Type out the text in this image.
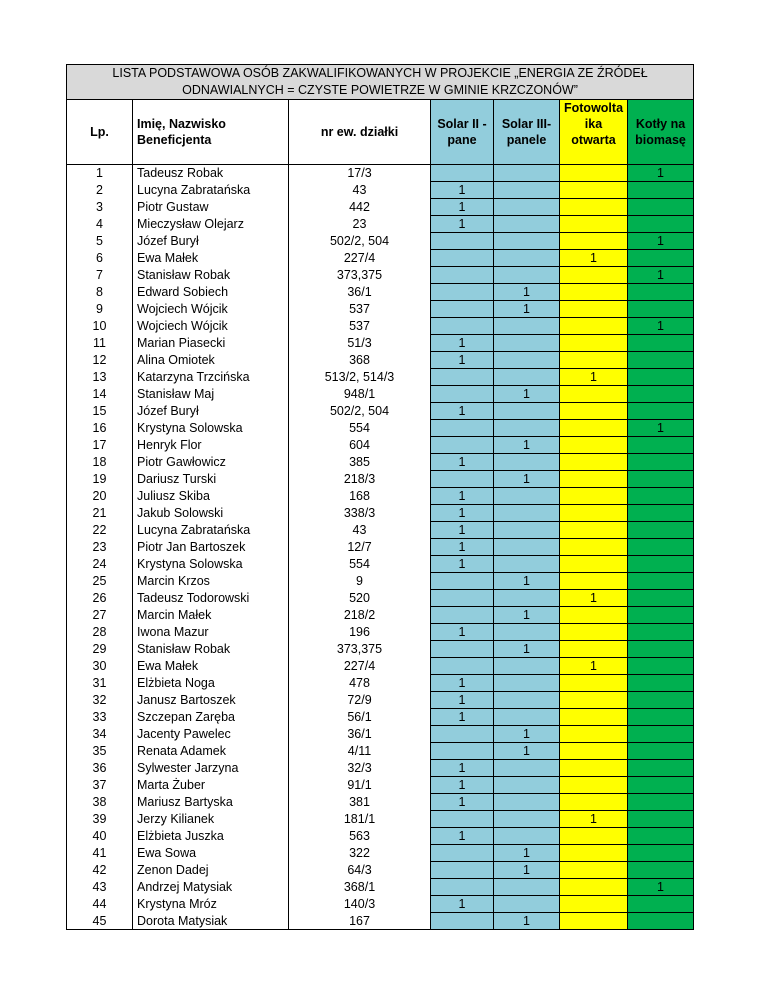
LISTA PODSTAWOWA OSÓB ZAKWALIFIKOWANYCH W PROJEKCIE „ENERGIA ZE ŹRÓDEŁ ODNAWIALNYCH = CZYSTE POWIETRZE W GMINIE KRZCZONÓW”						
Lp.	Imię, Nazwisko Beneficjenta	nr ew. działki	Solar II - pane	Solar III- panele	Fotowolta ika otwarta	Kotły na biomasę
1	Tadeusz Robak	17/3				1
2	Lucyna Zabratańska	43	1			
3	Piotr Gustaw	442	1			
4	Mieczysław Olejarz	23	1			
5	Józef Burył	502/2, 504				1
6	Ewa Małek	227/4			1	
7	Stanisław Robak	373,375				1
8	Edward Sobiech	36/1		1		
9	Wojciech Wójcik	537		1		
10	Wojciech Wójcik	537				1
11	Marian Piasecki	51/3	1			
12	Alina Omiotek	368	1			
13	Katarzyna Trzcińska	513/2, 514/3			1	
14	Stanisław Maj	948/1		1		
15	Józef Burył	502/2, 504	1			
16	Krystyna Solowska	554				1
17	Henryk Flor	604		1		
18	Piotr Gawłowicz	385	1			
19	Dariusz Turski	218/3		1		
20	Juliusz Skiba	168	1			
21	Jakub Solowski	338/3	1			
22	Lucyna Zabratańska	43	1			
23	Piotr Jan Bartoszek	12/7	1			
24	Krystyna Solowska	554	1			
25	Marcin Krzos	9		1		
26	Tadeusz Todorowski	520			1	
27	Marcin Małek	218/2		1		
28	Iwona Mazur	196	1			
29	Stanisław Robak	373,375		1		
30	Ewa Małek	227/4			1	
31	Elżbieta Noga	478	1			
32	Janusz Bartoszek	72/9	1			
33	Szczepan Zaręba	56/1	1			
34	Jacenty Pawelec	36/1		1		
35	Renata Adamek	4/11		1		
36	Sylwester Jarzyna	32/3	1			
37	Marta Żuber	91/1	1			
38	Mariusz Bartyska	381	1			
39	Jerzy Kilianek	181/1			1	
40	Elżbieta Juszka	563	1			
41	Ewa Sowa	322		1		
42	Zenon Dadej	64/3		1		
43	Andrzej Matysiak	368/1				1
44	Krystyna Mróz	140/3	1			
45	Dorota Matysiak	167		1		
